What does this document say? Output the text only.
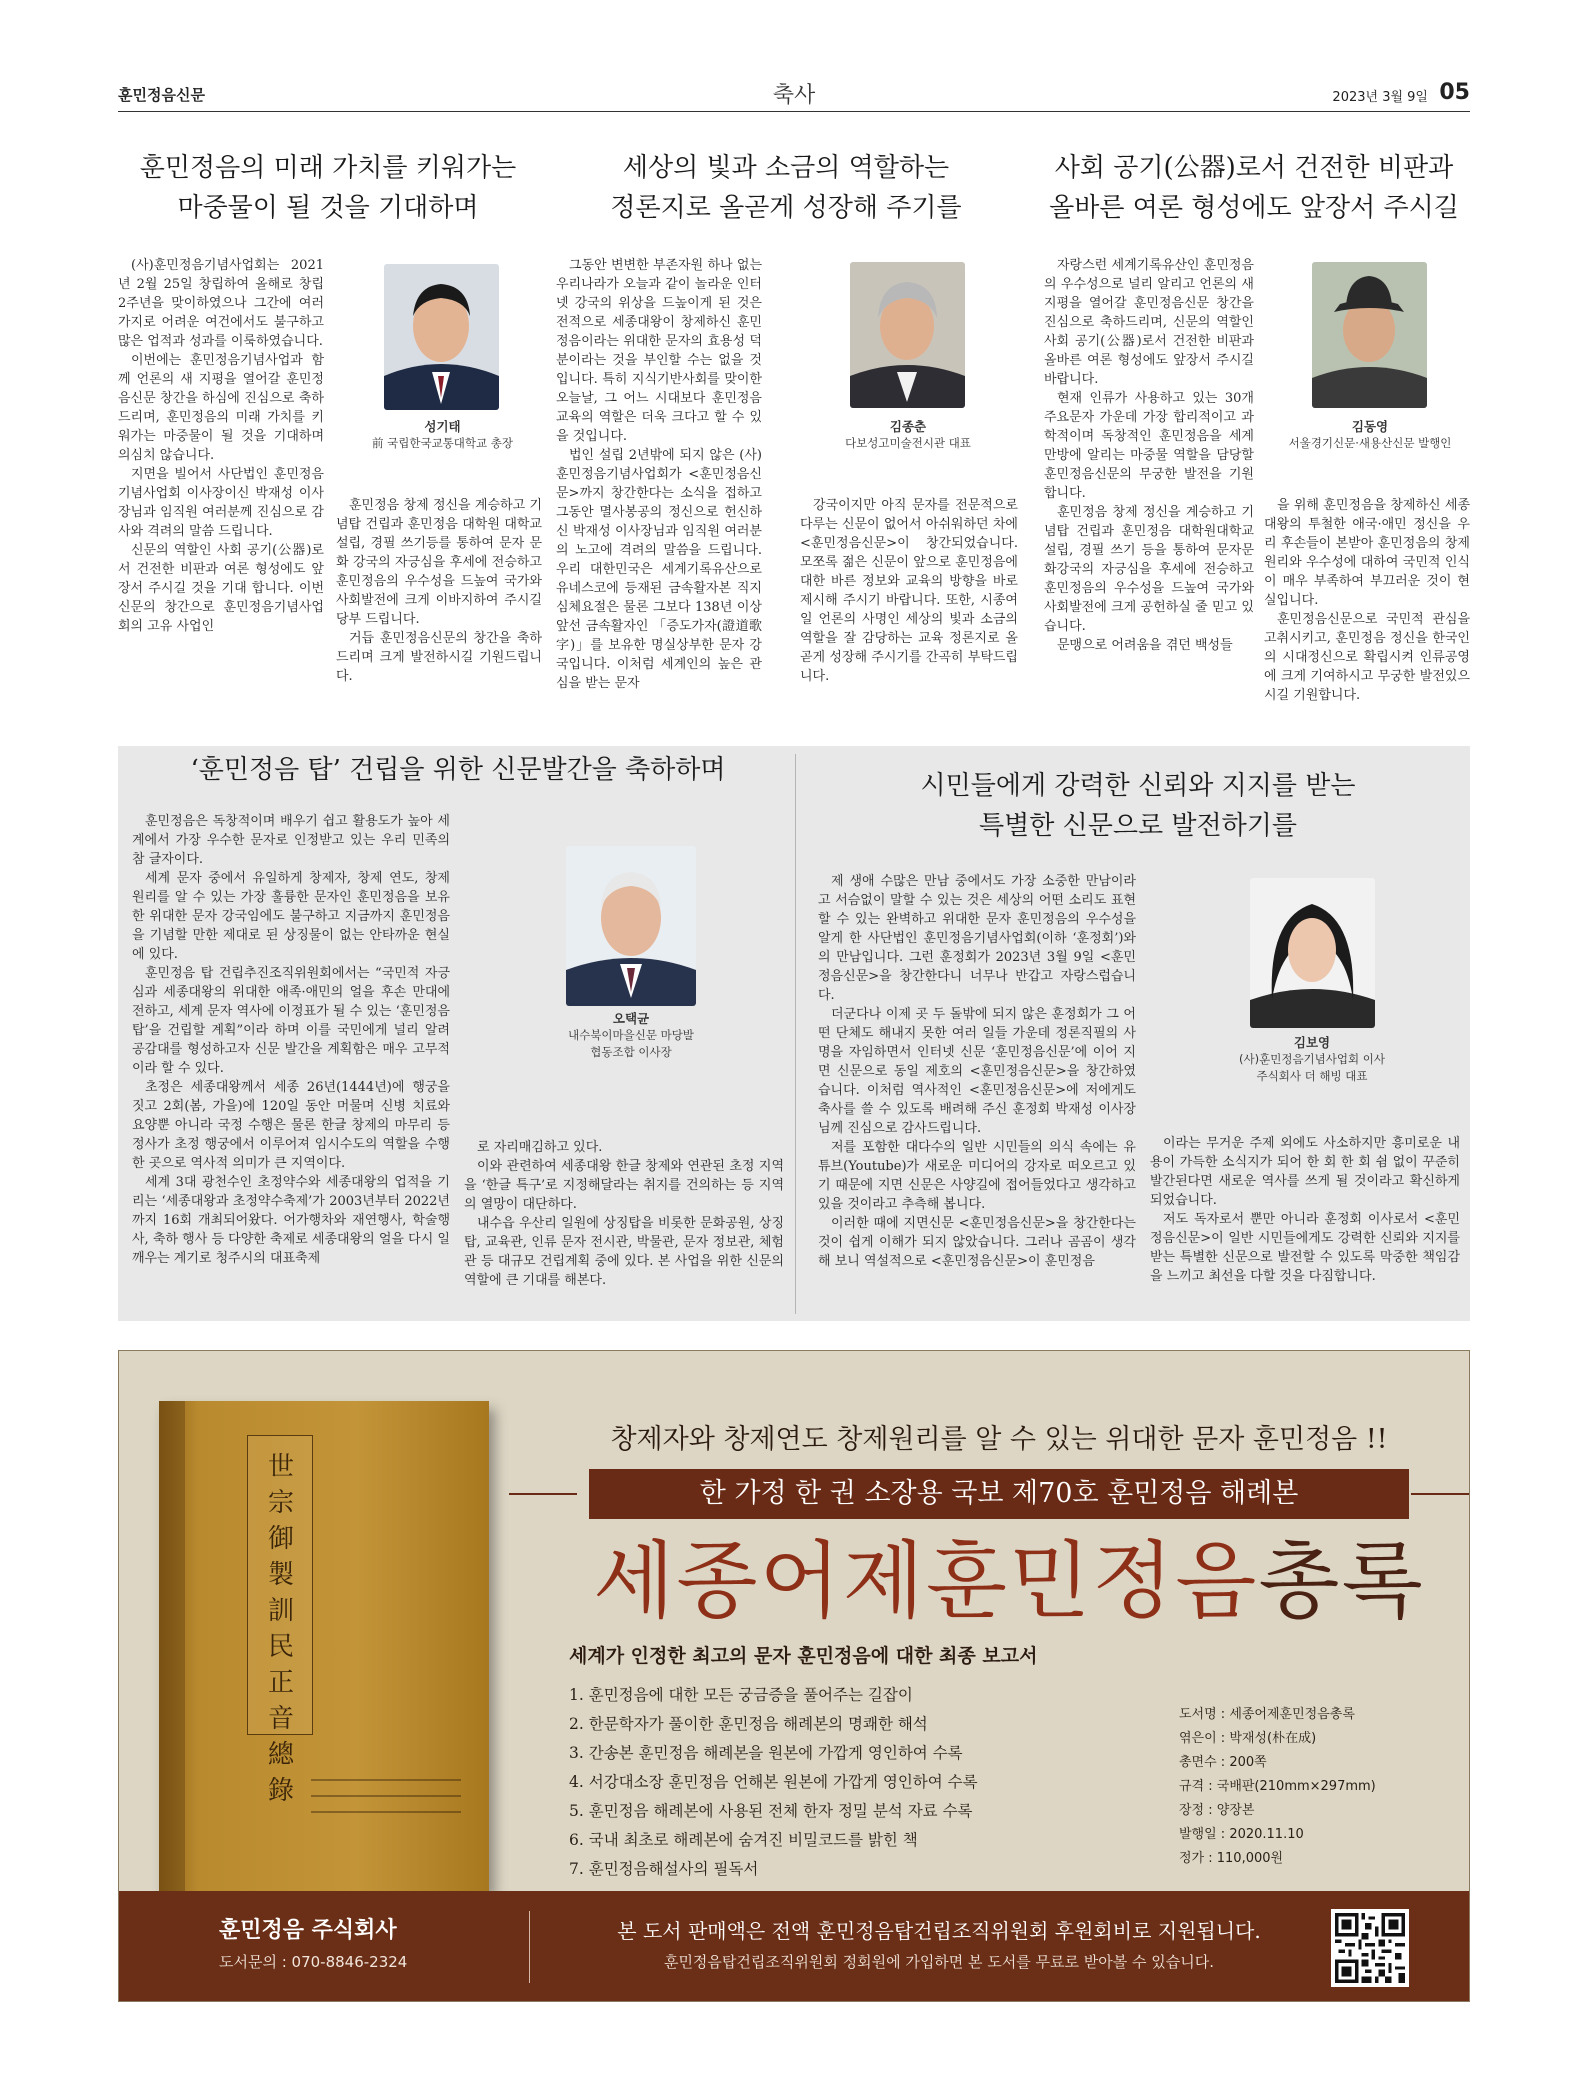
훈민정음신문	축사	2023년 3월 9일 05
훈민정음의 미래 가치를 키워가는
마중물이 될 것을 기대하며

(사)훈민정음기념사업회는 2021년 2월 25일 창립하여 올해로 창립 2주년을 맞이하였으나 그간에 여러 가지로 어려운 여건에서도 불구하고 많은 업적과 성과를 이룩하였습니다.

이번에는 훈민정음기념사업과 함께 언론의 새 지평을 열어갈 훈민정음신문 창간을 하심에 진심으로 축하드리며, 훈민정음의 미래 가치를 키워가는 마중물이 될 것을 기대하며 의심치 않습니다.

지면을 빌어서 사단법인 훈민정음기념사업회 이사장이신 박재성 이사장님과 임직원 여러분께 진심으로 감사와 격려의 말씀 드립니다.

신문의 역할인 사회 공기(公器)로서 건전한 비판과 여론 형성에도 앞장서 주시길 것을 기대 합니다. 이번 신문의 창간으로 훈민정음기념사업회의 고유 사업인

성기태
前 국립한국교통대학교 총장

훈민정음 창제 정신을 계승하고 기념탑 건립과 훈민정음 대학원 대학교 설립, 경필 쓰기등를 통하여 문자 문화 강국의 자긍심을 후세에 전승하고 훈민정음의 우수성을 드높여 국가와 사회발전에 크게 이바지하여 주시길 당부 드립니다.

거듭 훈민정음신문의 창간을 축하드리며 크게 발전하시길 기원드립니다.

세상의 빛과 소금의 역할하는
정론지로 올곧게 성장해 주기를

그동안 변변한 부존자원 하나 없는 우리나라가 오늘과 같이 놀라운 인터넷 강국의 위상을 드높이게 된 것은 전적으로 세종대왕이 창제하신 훈민정음이라는 위대한 문자의 효용성 덕분이라는 것을 부인할 수는 없을 것입니다. 특히 지식기반사회를 맞이한 오늘날, 그 어느 시대보다 훈민정음 교육의 역할은 더욱 크다고 할 수 있을 것입니다.

법인 설립 2년밖에 되지 않은 (사)훈민정음기념사업회가 <훈민정음신문>까지 창간한다는 소식을 접하고 그동안 멸사봉공의 정신으로 헌신하신 박재성 이사장님과 임직원 여러분의 노고에 격려의 말씀을 드립니다. 우리 대한민국은 세계기록유산으로 유네스코에 등재된 금속활자본 직지심체요절은 물론 그보다 138년 이상 앞선 금속활자인 「증도가자(證道歌字)」를 보유한 명실상부한 문자 강국입니다. 이처럼 세계인의 높은 관심을 받는 문자

김종춘
다보성고미술전시관 대표

강국이지만 아직 문자를 전문적으로 다루는 신문이 없어서 아쉬워하던 차에 <훈민정음신문>이 창간되었습니다. 모쪼록 젊은 신문이 앞으로 훈민정음에 대한 바른 정보와 교육의 방향을 바로 제시해 주시기 바랍니다. 또한, 시종여일 언론의 사명인 세상의 빛과 소금의 역할을 잘 감당하는 교육 정론지로 올곧게 성장해 주시기를 간곡히 부탁드립니다.

사회 공기(公器)로서 건전한 비판과
올바른 여론 형성에도 앞장서 주시길

자랑스런 세계기록유산인 훈민정음의 우수성으로 널리 알리고 언론의 새 지평을 열어갈 훈민정음신문 창간을 진심으로 축하드리며, 신문의 역할인 사회 공기(公器)로서 건전한 비판과 올바른 여론 형성에도 앞장서 주시길 바랍니다.

현재 인류가 사용하고 있는 30개 주요문자 가운데 가장 합리적이고 과학적이며 독창적인 훈민정음을 세계만방에 알리는 마중물 역할을 담당할 훈민정음신문의 무궁한 발전을 기원합니다.

훈민정음 창제 정신을 계승하고 기념탑 건립과 훈민정음 대학원대학교 설립, 경필 쓰기 등을 통하여 문자문화강국의 자긍심을 후세에 전승하고 훈민정음의 우수성을 드높여 국가와 사회발전에 크게 공헌하실 줄 믿고 있습니다.

문맹으로 어려움을 겪던 백성들

김동영
서울경기신문·새용산신문 발행인

을 위해 훈민정음을 창제하신 세종대왕의 투철한 애국·애민 정신을 우리 후손들이 본받아 훈민정음의 창제 원리와 우수성에 대하여 국민적 인식이 매우 부족하여 부끄러운 것이 현실입니다.

훈민정음신문으로 국민적 관심을 고취시키고, 훈민정음 정신을 한국인의 시대정신으로 확립시켜 인류공영에 크게 기여하시고 무궁한 발전있으시길 기원합니다.

‘훈민정음 탑’ 건립을 위한 신문발간을 축하하며

훈민정음은 독창적이며 배우기 쉽고 활용도가 높아 세계에서 가장 우수한 문자로 인정받고 있는 우리 민족의 참 글자이다.

세계 문자 중에서 유일하게 창제자, 창제 연도, 창제 원리를 알 수 있는 가장 훌륭한 문자인 훈민정음을 보유한 위대한 문자 강국임에도 불구하고 지금까지 훈민정음을 기념할 만한 제대로 된 상징물이 없는 안타까운 현실에 있다.

훈민정음 탑 건립추진조직위원회에서는 “국민적 자긍심과 세종대왕의 위대한 애족·애민의 얼을 후손 만대에 전하고, 세계 문자 역사에 이정표가 될 수 있는 ‘훈민정음 탑’을 건립할 계획”이라 하며 이를 국민에게 널리 알려 공감대를 형성하고자 신문 발간을 계획함은 매우 고무적이라 할 수 있다.

초정은 세종대왕께서 세종 26년(1444년)에 행궁을 짓고 2회(봄, 가을)에 120일 동안 머물며 신병 치료와 요양뿐 아니라 국정 수행은 물론 한글 창제의 마무리 등 정사가 초정 행궁에서 이루어져 임시수도의 역할을 수행한 곳으로 역사적 의미가 큰 지역이다.

세계 3대 광천수인 초정약수와 세종대왕의 업적을 기리는 ‘세종대왕과 초정약수축제’가 2003년부터 2022년까지 16회 개최되어왔다. 어가행차와 재연행사, 학술행사, 축하 행사 등 다양한 축제로 세종대왕의 얼을 다시 일깨우는 계기로 청주시의 대표축제

오택균
내수북이마을신문 마당발
협동조합 이사장

로 자리매김하고 있다.

이와 관련하여 세종대왕 한글 창제와 연관된 초정 지역을 ‘한글 특구’로 지정해달라는 취지를 건의하는 등 지역의 열망이 대단하다.

내수읍 우산리 일원에 상징탑을 비롯한 문화공원, 상징탑, 교육관, 인류 문자 전시관, 박물관, 문자 정보관, 체험관 등 대규모 건립계획 중에 있다. 본 사업을 위한 신문의 역할에 큰 기대를 해본다.

시민들에게 강력한 신뢰와 지지를 받는
특별한 신문으로 발전하기를

제 생애 수많은 만남 중에서도 가장 소중한 만남이라고 서슴없이 말할 수 있는 것은 세상의 어떤 소리도 표현할 수 있는 완벽하고 위대한 문자 훈민정음의 우수성을 알게 한 사단법인 훈민정음기념사업회(이하 ‘훈정회’)와의 만남입니다. 그런 훈정회가 2023년 3월 9일 <훈민정음신문>을 창간한다니 너무나 반갑고 자랑스럽습니다.

더군다나 이제 곳 두 돌밖에 되지 않은 훈정회가 그 어떤 단체도 해내지 못한 여러 일들 가운데 정론직필의 사명을 자임하면서 인터넷 신문 ‘훈민정음신문’에 이어 지면 신문으로 동일 제호의 <훈민정음신문>을 창간하였습니다. 이처럼 역사적인 <훈민정음신문>에 저에게도 축사를 쓸 수 있도록 배려해 주신 훈정회 박재성 이사장님께 진심으로 감사드립니다.

저를 포함한 대다수의 일반 시민들의 의식 속에는 유튜브(Youtube)가 새로운 미디어의 강자로 떠오르고 있기 때문에 지면 신문은 사양길에 접어들었다고 생각하고 있을 것이라고 추측해 봅니다.

이러한 때에 지면신문 <훈민정음신문>을 창간한다는 것이 쉽게 이해가 되지 않았습니다. 그러나 곰곰이 생각해 보니 역설적으로 <훈민정음신문>이 훈민정음

김보영
(사)훈민정음기념사업회 이사
주식회사 더 해빙 대표

이라는 무거운 주제 외에도 사소하지만 흥미로운 내용이 가득한 소식지가 되어 한 회 한 회 쉼 없이 꾸준히 발간된다면 새로운 역사를 쓰게 될 것이라고 확신하게 되었습니다.

저도 독자로서 뿐만 아니라 훈정회 이사로서 <훈민정음신문>이 일반 시민들에게도 강력한 신뢰와 지지를 받는 특별한 신문으로 발전할 수 있도록 막중한 책임감을 느끼고 최선을 다할 것을 다짐합니다.

世宗御製訓民正音總錄
창제자와 창제연도 창제원리를 알 수 있는 위대한 문자 훈민정음 !!
한 가정 한 권 소장용 국보 제70호 훈민정음 해례본
세종어제훈민정음총록
세계가 인정한 최고의 문자 훈민정음에 대한 최종 보고서
1. 훈민정음에 대한 모든 궁금증을 풀어주는 길잡이
2. 한문학자가 풀이한 훈민정음 해례본의 명쾌한 해석
3. 간송본 훈민정음 해례본을 원본에 가깝게 영인하여 수록
4. 서강대소장 훈민정음 언해본 원본에 가깝게 영인하여 수록
5. 훈민정음 해례본에 사용된 전체 한자 정밀 분석 자료 수록
6. 국내 최초로 해례본에 숨겨진 비밀코드를 밝힌 책
7. 훈민정음해설사의 필독서
도서명 : 세종어제훈민정음총록
엮은이 : 박재성(朴在成)
총면수 : 200쪽
규격 : 국배판(210mm×297mm)
장정 : 양장본
발행일 : 2020.11.10
정가 : 110,000원
훈민정음 주식회사
도서문의 : 070-8846-2324
본 도서 판매액은 전액 훈민정음탑건립조직위원회 후원회비로 지원됩니다.
훈민정음탑건립조직위원회 정회원에 가입하면 본 도서를 무료로 받아볼 수 있습니다.
